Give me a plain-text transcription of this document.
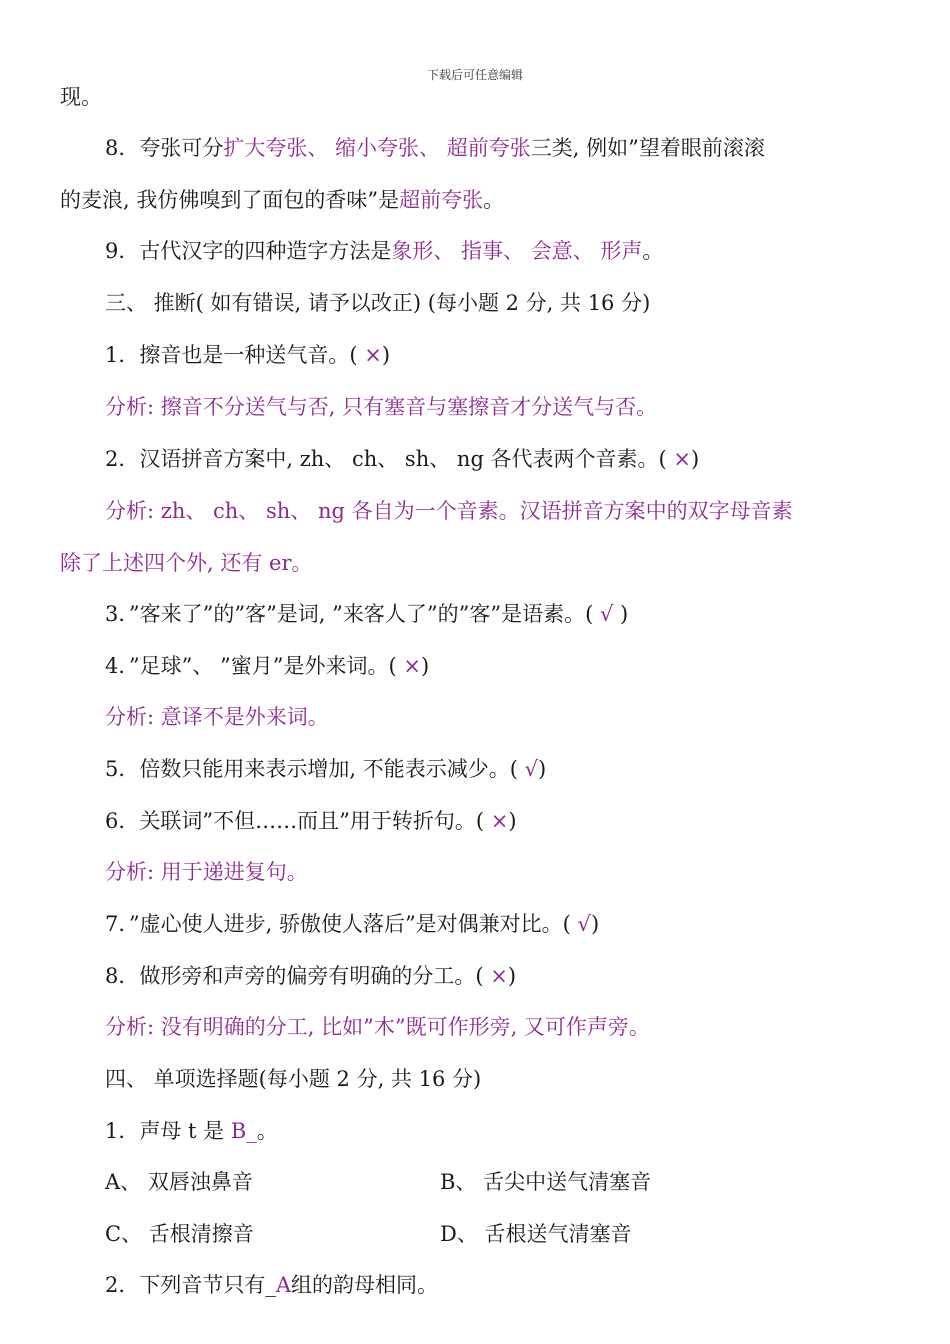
下载后可任意编辑
现。
8．夸张可分扩大夸张、 缩小夸张、 超前夸张三类, 例如”望着眼前滚滚
的麦浪, 我仿佛嗅到了面包的香味”是超前夸张。
9．古代汉字的四种造字方法是象形、 指事、 会意、 形声。
三、 推断( 如有错误, 请予以改正) (每小题 2 分, 共 16 分)
1．擦音也是一种送气音。( ×)
分析: 擦音不分送气与否, 只有塞音与塞擦音才分送气与否。
2．汉语拼音方案中, zh、 ch、 sh、 ng 各代表两个音素。( ×)
分析: zh、 ch、 sh、 ng 各自为一个音素。汉语拼音方案中的双字母音素
除了上述四个外, 还有 er。
3．”客来了”的”客”是词, ”来客人了”的”客”是语素。( √ )
4．”足球”、 ”蜜月”是外来词。( ×)
分析: 意译不是外来词。
5．倍数只能用来表示增加, 不能表示减少。( √)
6．关联词”不但……而且”用于转折句。( ×)
分析: 用于递进复句。
7．”虚心使人进步, 骄傲使人落后”是对偶兼对比。( √)
8．做形旁和声旁的偏旁有明确的分工。( ×)
分析: 没有明确的分工, 比如”木”既可作形旁, 又可作声旁。
四、 单项选择题(每小题 2 分, 共 16 分)
1．声母 t 是 B_。
A、 双唇浊鼻音	B、 舌尖中送气清塞音
C、 舌根清擦音	D、 舌根送气清塞音
2．下列音节只有_A组的韵母相同。
